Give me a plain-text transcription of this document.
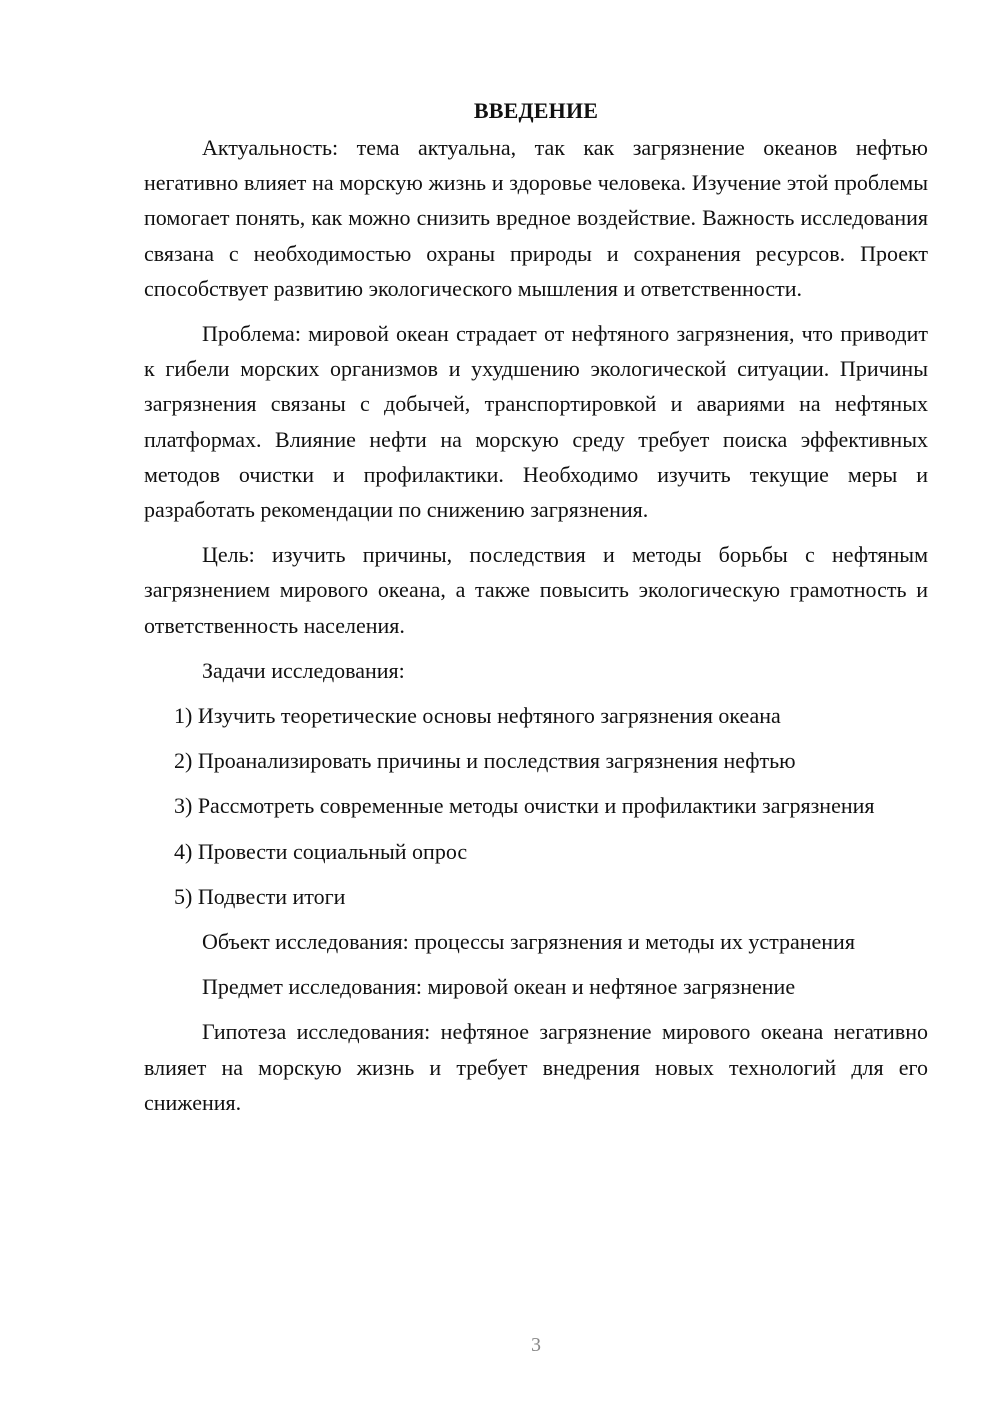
ВВЕДЕНИЕ

Актуальность: тема актуальна, так как загрязнение океанов нефтью негативно влияет на морскую жизнь и здоровье человека. Изучение этой проблемы помогает понять, как можно снизить вредное воздействие. Важность исследования связана с необходимостью охраны природы и сохранения ресурсов. Проект способствует развитию экологического мышления и ответственности.

Проблема: мировой океан страдает от нефтяного загрязнения, что приводит к гибели морских организмов и ухудшению экологической ситуации. Причины загрязнения связаны с добычей, транспортировкой и авариями на нефтяных платформах. Влияние нефти на морскую среду требует поиска эффективных методов очистки и профилактики. Необходимо изучить текущие меры и разработать рекомендации по снижению загрязнения.

Цель: изучить причины, последствия и методы борьбы с нефтяным загрязнением мирового океана, а также повысить экологическую грамотность и ответственность населения.

Задачи исследования:

1) Изучить теоретические основы нефтяного загрязнения океана

2) Проанализировать причины и последствия загрязнения нефтью

3) Рассмотреть современные методы очистки и профилактики загрязнения

4) Провести социальный опрос

5) Подвести итоги

Объект исследования: процессы загрязнения и методы их устранения

Предмет исследования: мировой океан и нефтяное загрязнение

Гипотеза исследования: нефтяное загрязнение мирового океана негативно влияет на морскую жизнь и требует внедрения новых технологий для его снижения.

3
